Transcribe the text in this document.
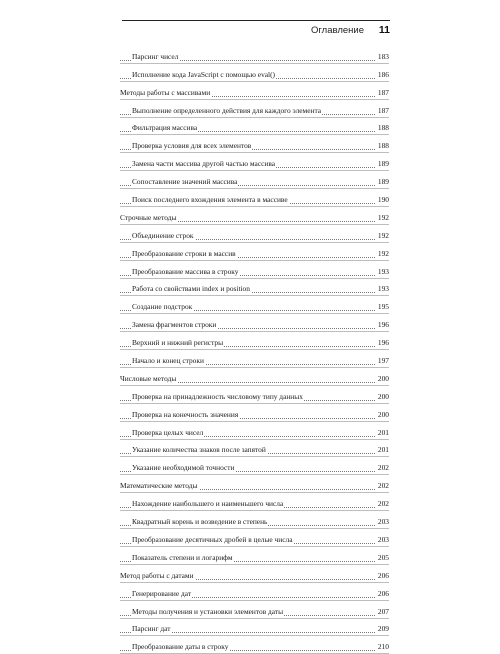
Оглавление 11
Парсинг чисел	183
Исполнение кода JavaScript с помощью eval()	186
Методы работы с массивами	187
Выполнение определенного действия для каждого элемента	187
Фильтрация массива	188
Проверка условия для всех элементов	188
Замена части массива другой частью массива	189
Сопоставление значений массива	189
Поиск последнего вхождения элемента в массиве	190
Строчные методы	192
Объединение строк	192
Преобразование строки в массив	192
Преобразование массива в строку	193
Работа со свойствами index и position	193
Создание подстрок	195
Замена фрагментов строки	196
Верхний и нижний регистры	196
Начало и конец строки	197
Числовые методы	200
Проверка на принадлежность числовому типу данных	200
Проверка на конечность значения	200
Проверка целых чисел	201
Указание количества знаков после запятой	201
Указание необходимой точности	202
Математические методы	202
Нахождение наибольшего и наименьшего числа	202
Квадратный корень и возведение в степень	203
Преобразование десятичных дробей в целые числа	203
Показатель степени и логарифм	205
Метод работы с датами	206
Генерирование дат	206
Методы получения и установки элементов даты	207
Парсинг дат	209
Преобразование даты в строку	210
